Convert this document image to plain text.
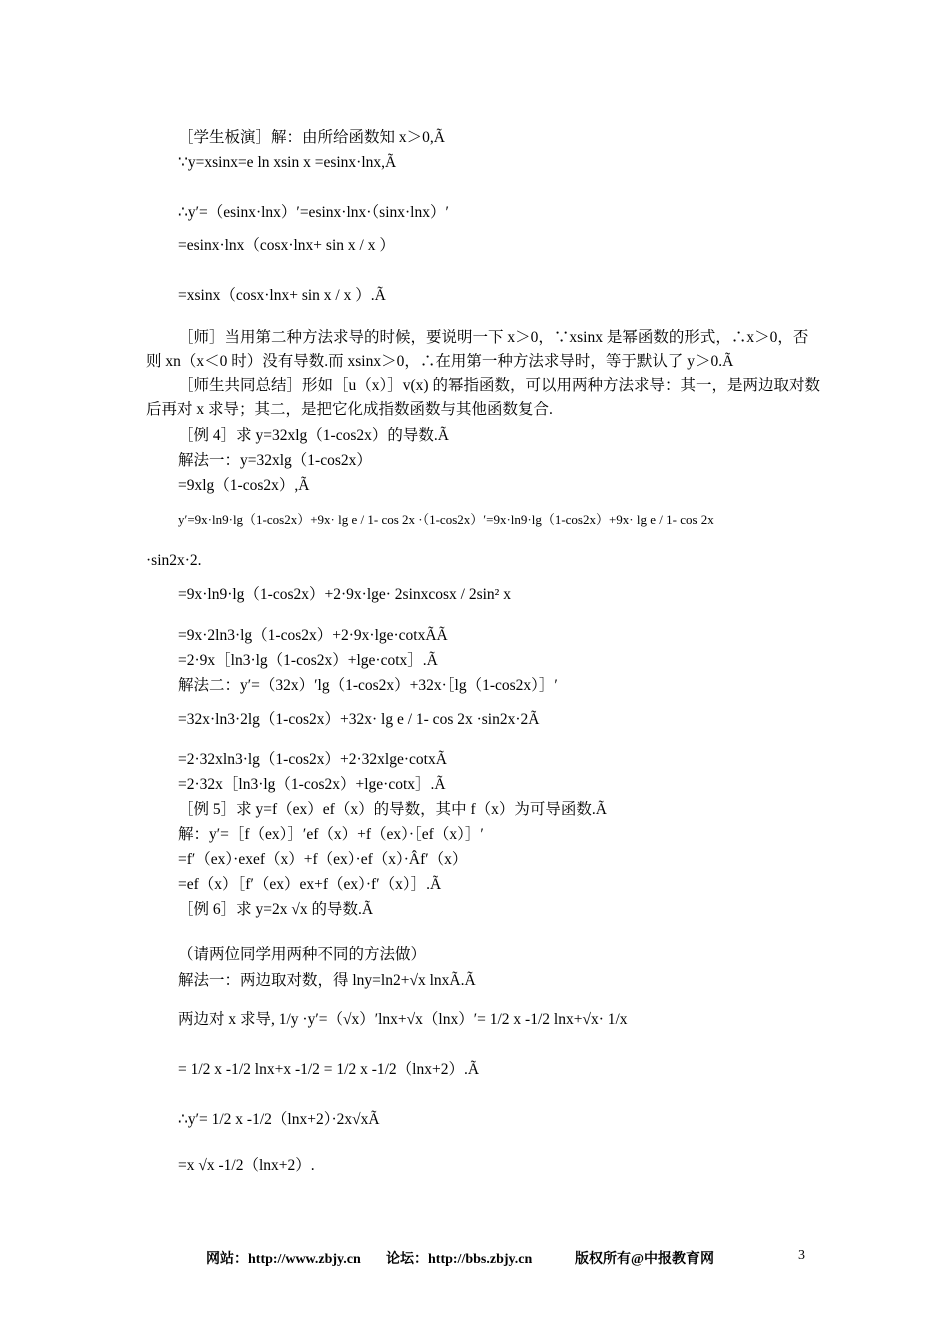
［学生板演］解：由所给函数知 x＞0,Ã
∵y=xsinx=e ln xsin x =esinx·lnx,Ã
∴y′=（esinx·lnx）′=esinx·lnx·（sinx·lnx）′
=esinx·lnx（cosx·lnx+ sin x / x ）
=xsinx（cosx·lnx+ sin x / x ）.Ã
［师］当用第二种方法求导的时候，要说明一下 x＞0，∵xsinx 是幂函数的形式，∴x＞0，否
则 xn（x＜0 时）没有导数.而 xsinx＞0，∴在用第一种方法求导时，等于默认了 y＞0.Ã
［师生共同总结］形如［u（x）］v(x) 的幂指函数，可以用两种方法求导：其一，是两边取对数
后再对 x 求导；其二，是把它化成指数函数与其他函数复合.
［例 4］求 y=32xlg（1-cos2x）的导数.Ã
解法一：y=32xlg（1-cos2x）
=9xlg（1-cos2x）,Ã
y′=9x·ln9·lg（1-cos2x）+9x· lg e / 1- cos 2x ·（1-cos2x）′=9x·ln9·lg（1-cos2x）+9x· lg e / 1- cos 2x
·sin2x·2.
=9x·ln9·lg（1-cos2x）+2·9x·lge· 2sinxcosx / 2sin² x
=9x·2ln3·lg（1-cos2x）+2·9x·lge·cotxÃÃ
=2·9x［ln3·lg（1-cos2x）+lge·cotx］.Ã
解法二：y′=（32x）′lg（1-cos2x）+32x·［lg（1-cos2x）］′
=32x·ln3·2lg（1-cos2x）+32x· lg e / 1- cos 2x ·sin2x·2Ã
=2·32xln3·lg（1-cos2x）+2·32xlge·cotxÃ
=2·32x［ln3·lg（1-cos2x）+lge·cotx］.Ã
［例 5］求 y=f（ex）ef（x）的导数，其中 f（x）为可导函数.Ã
解：y′=［f（ex）］′ef（x）+f（ex）·［ef（x）］′
=f′（ex）·exef（x）+f（ex）·ef（x）·Âf′（x）
=ef（x）［f′（ex）ex+f（ex）·f′（x）］.Ã
［例 6］求 y=2x √x 的导数.Ã
（请两位同学用两种不同的方法做）
解法一：两边取对数，得 lny=ln2+√x lnxÃ.Ã
两边对 x 求导, 1/y ·y′=（√x）′lnx+√x（lnx）′= 1/2 x -1/2 lnx+√x· 1/x
= 1/2 x -1/2 lnx+x -1/2 = 1/2 x -1/2（lnx+2）.Ã
∴y′= 1/2 x -1/2（lnx+2）·2x√xÃ
=x √x -1/2（lnx+2）.
网站：http://www.zbjy.cn 论坛：http://bbs.zbjy.cn	版权所有@中报教育网	3
